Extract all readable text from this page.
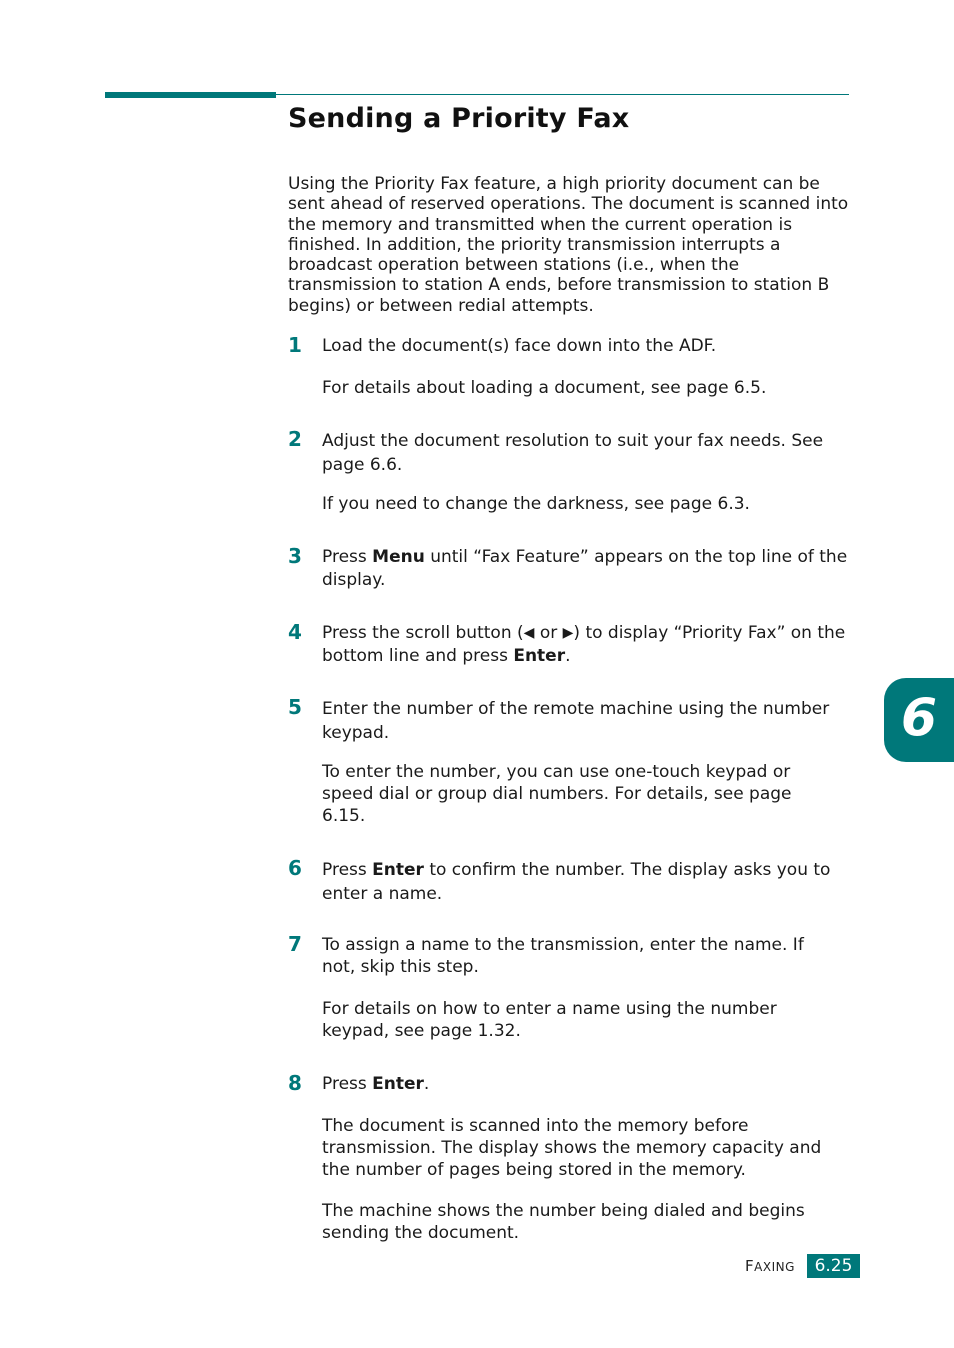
Sending a Priority Fax

Using the Priority Fax feature, a high priority document can be sent ahead of reserved operations. The document is scanned into the memory and transmitted when the current operation is finished. In addition, the priority transmission interrupts a broadcast operation between stations (i.e., when the transmission to station A ends, before transmission to station B begins) or between redial attempts.

1 Load the document(s) face down into the ADF.

For details about loading a document, see page 6.5.

2 Adjust the document resolution to suit your fax needs. See page 6.6.

If you need to change the darkness, see page 6.3.

3 Press Menu until “Fax Feature” appears on the top line of the display.

4 Press the scroll button (◀ or ▶) to display “Priority Fax” on the bottom line and press Enter.

5 Enter the number of the remote machine using the number keypad.

To enter the number, you can use one-touch keypad or speed dial or group dial numbers. For details, see page 6.15.

6 Press Enter to confirm the number. The display asks you to enter a name.

7 To assign a name to the transmission, enter the name. If not, skip this step.

For details on how to enter a name using the number keypad, see page 1.32.

8 Press Enter.

The document is scanned into the memory before transmission. The display shows the memory capacity and the number of pages being stored in the memory.

The machine shows the number being dialed and begins sending the document.

6
FAXING	6.25
